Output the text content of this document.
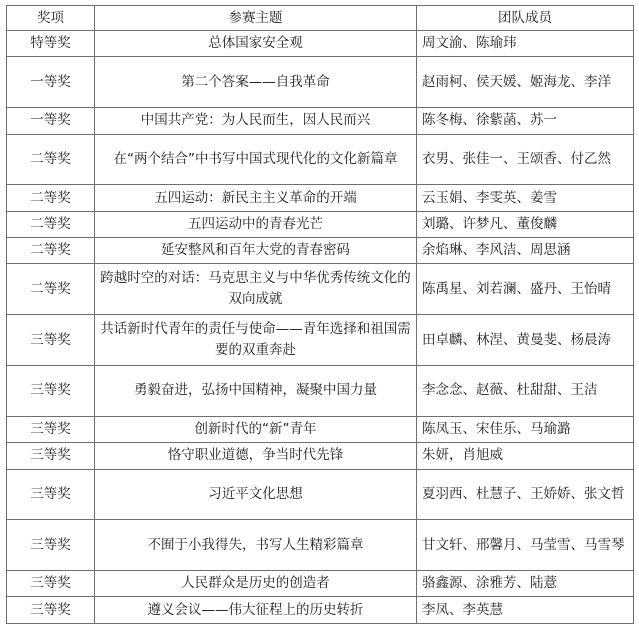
奖项	参赛主题	团队成员
特等奖	总体国家安全观	周文渝、陈瑜玮
一等奖	第二个答案——自我革命	赵雨柯、侯天媛、姬海龙、李洋
一等奖	中国共产党：为人民而生，因人民而兴	陈冬梅、徐紫菡、苏一
二等奖	在“两个结合”中书写中国式现代化的文化新篇章	衣男、张佳一、王颂香、付乙然
二等奖	五四运动：新民主主义革命的开端	云玉娟、李雯英、姜雪
二等奖	五四运动中的青春光芒	刘璐、许梦凡、董俊麟
二等奖	延安整风和百年大党的青春密码	余焰琳、李风洁、周思涵
二等奖	跨越时空的对话：马克思主义与中华优秀传统文化的双向成就	陈禹星、刘若澜、盛丹、王怡晴
三等奖	共话新时代青年的责任与使命——青年选择和祖国需要的双重奔赴	田卓麟、林涅、黄曼斐、杨晨涛
三等奖	勇毅奋进，弘扬中国精神，凝聚中国力量	李念念、赵薇、杜甜甜、王洁
三等奖	创新时代的“新”青年	陈凤玉、宋佳乐、马瑜潞
三等奖	恪守职业道德，争当时代先锋	朱妍，肖旭威
三等奖	习近平文化思想	夏羽西、杜慧子、王娇娇、张文哲
三等奖	不囿于小我得失，书写人生精彩篇章	甘文轩、邢馨月、马莹雪、马雪琴
三等奖	人民群众是历史的创造者	骆鑫源、涂雅芳、陆薏
三等奖	遵义会议——伟大征程上的历史转折	李凤、李英慧
